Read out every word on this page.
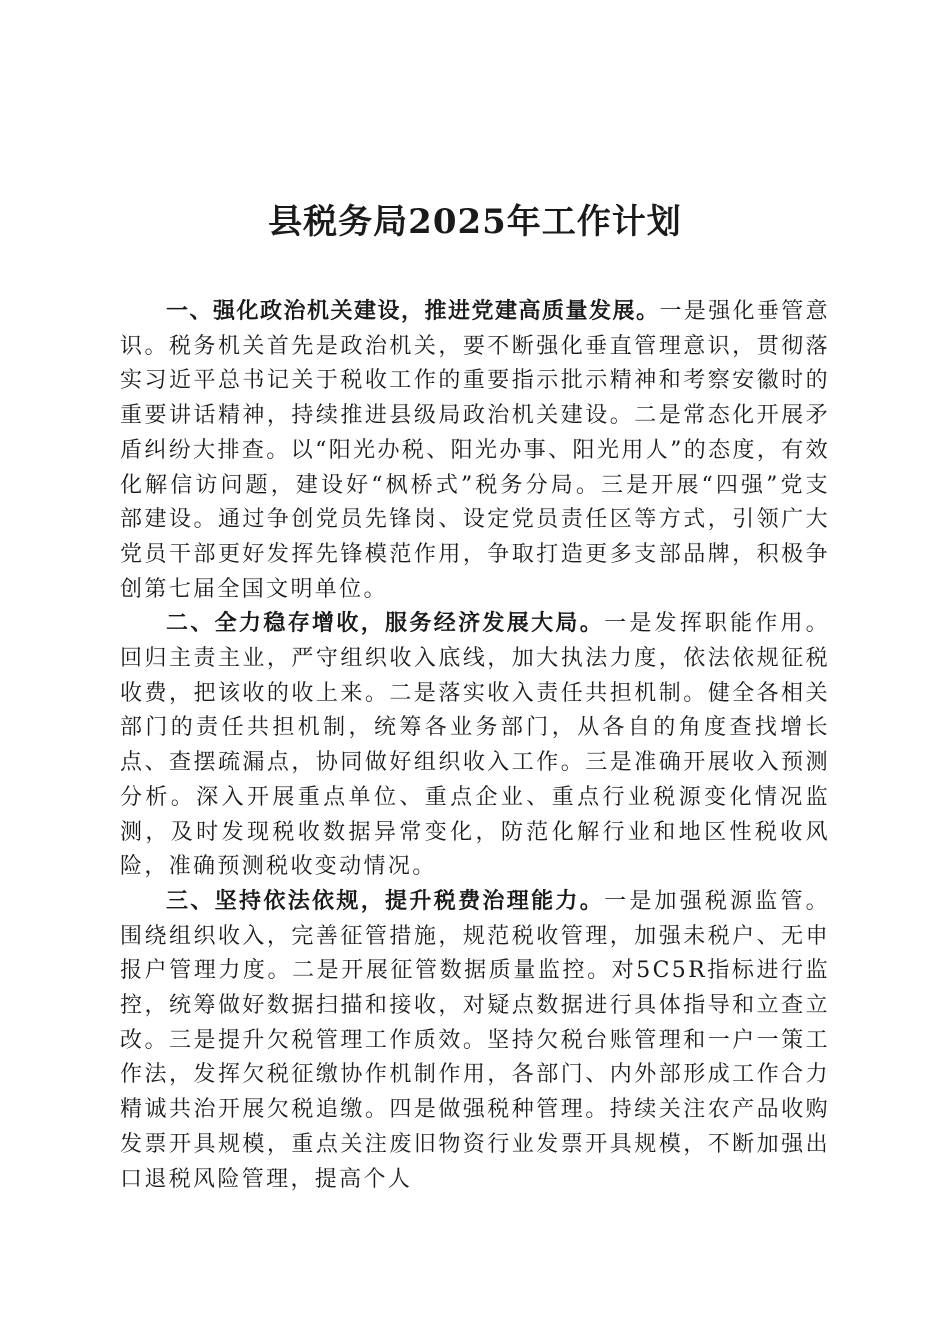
县税务局2025年工作计划

一、强化政治机关建设，推进党建高质量发展。一是强化垂管意识。税务机关首先是政治机关，要不断强化垂直管理意识，贯彻落实习近平总书记关于税收工作的重要指示批示精神和考察安徽时的重要讲话精神，持续推进县级局政治机关建设。二是常态化开展矛盾纠纷大排查。以“阳光办税、阳光办事、阳光用人”的态度，有效化解信访问题，建设好“枫桥式”税务分局。三是开展“四强”党支部建设。通过争创党员先锋岗、设定党员责任区等方式，引领广大党员干部更好发挥先锋模范作用，争取打造更多支部品牌，积极争创第七届全国文明单位。

二、全力稳存增收，服务经济发展大局。一是发挥职能作用。回归主责主业，严守组织收入底线，加大执法力度，依法依规征税收费，把该收的收上来。二是落实收入责任共担机制。健全各相关部门的责任共担机制，统筹各业务部门，从各自的角度查找增长点、查摆疏漏点，协同做好组织收入工作。三是准确开展收入预测分析。深入开展重点单位、重点企业、重点行业税源变化情况监测，及时发现税收数据异常变化，防范化解行业和地区性税收风险，准确预测税收变动情况。

三、坚持依法依规，提升税费治理能力。一是加强税源监管。围绕组织收入，完善征管措施，规范税收管理，加强未税户、无申报户管理力度。二是开展征管数据质量监控。对5C5R指标进行监控，统筹做好数据扫描和接收，对疑点数据进行具体指导和立查立改。三是提升欠税管理工作质效。坚持欠税台账管理和一户一策工作法，发挥欠税征缴协作机制作用，各部门、内外部形成工作合力精诚共治开展欠税追缴。四是做强税种管理。持续关注农产品收购发票开具规模，重点关注废旧物资行业发票开具规模，不断加强出口退税风险管理，提高个人
